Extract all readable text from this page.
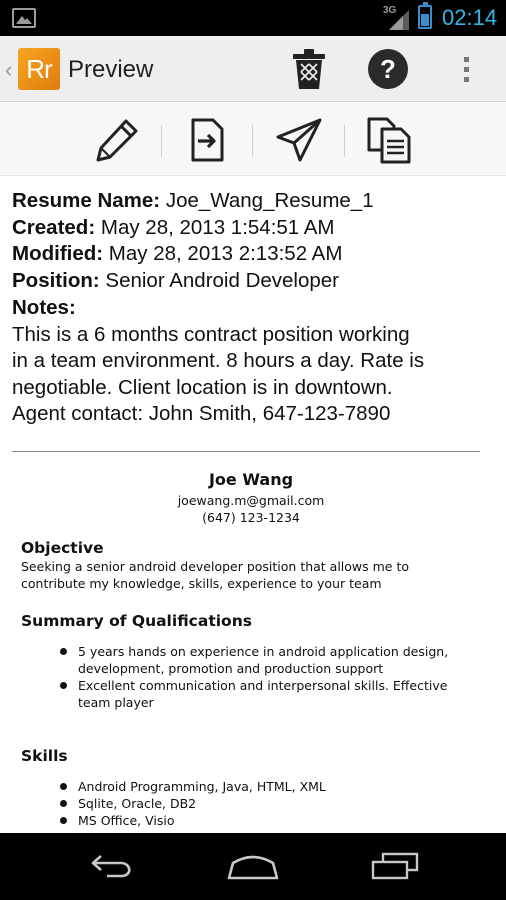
3G 02:14
‹ Rr Preview	?
Resume Name: Joe_Wang_Resume_1
Created: May 28, 2013 1:54:51 AM
Modified: May 28, 2013 2:13:52 AM
Position: Senior Android Developer
Notes:
This is a 6 months contract position working
in a team environment. 8 hours a day. Rate is
negotiable. Client location is in downtown.
Agent contact: John Smith, 647-123-7890
Joe Wang
joewang.m@gmail.com
(647) 123-1234
Objective
Seeking a senior android developer position that allows me to
contribute my knowledge, skills, experience to your team
Summary of Qualifications
5 years hands on experience in android application design,
development, promotion and production support
Excellent communication and interpersonal skills. Effective
team player
Skills
Android Programming, Java, HTML, XML
Sqlite, Oracle, DB2
MS Office, Visio
